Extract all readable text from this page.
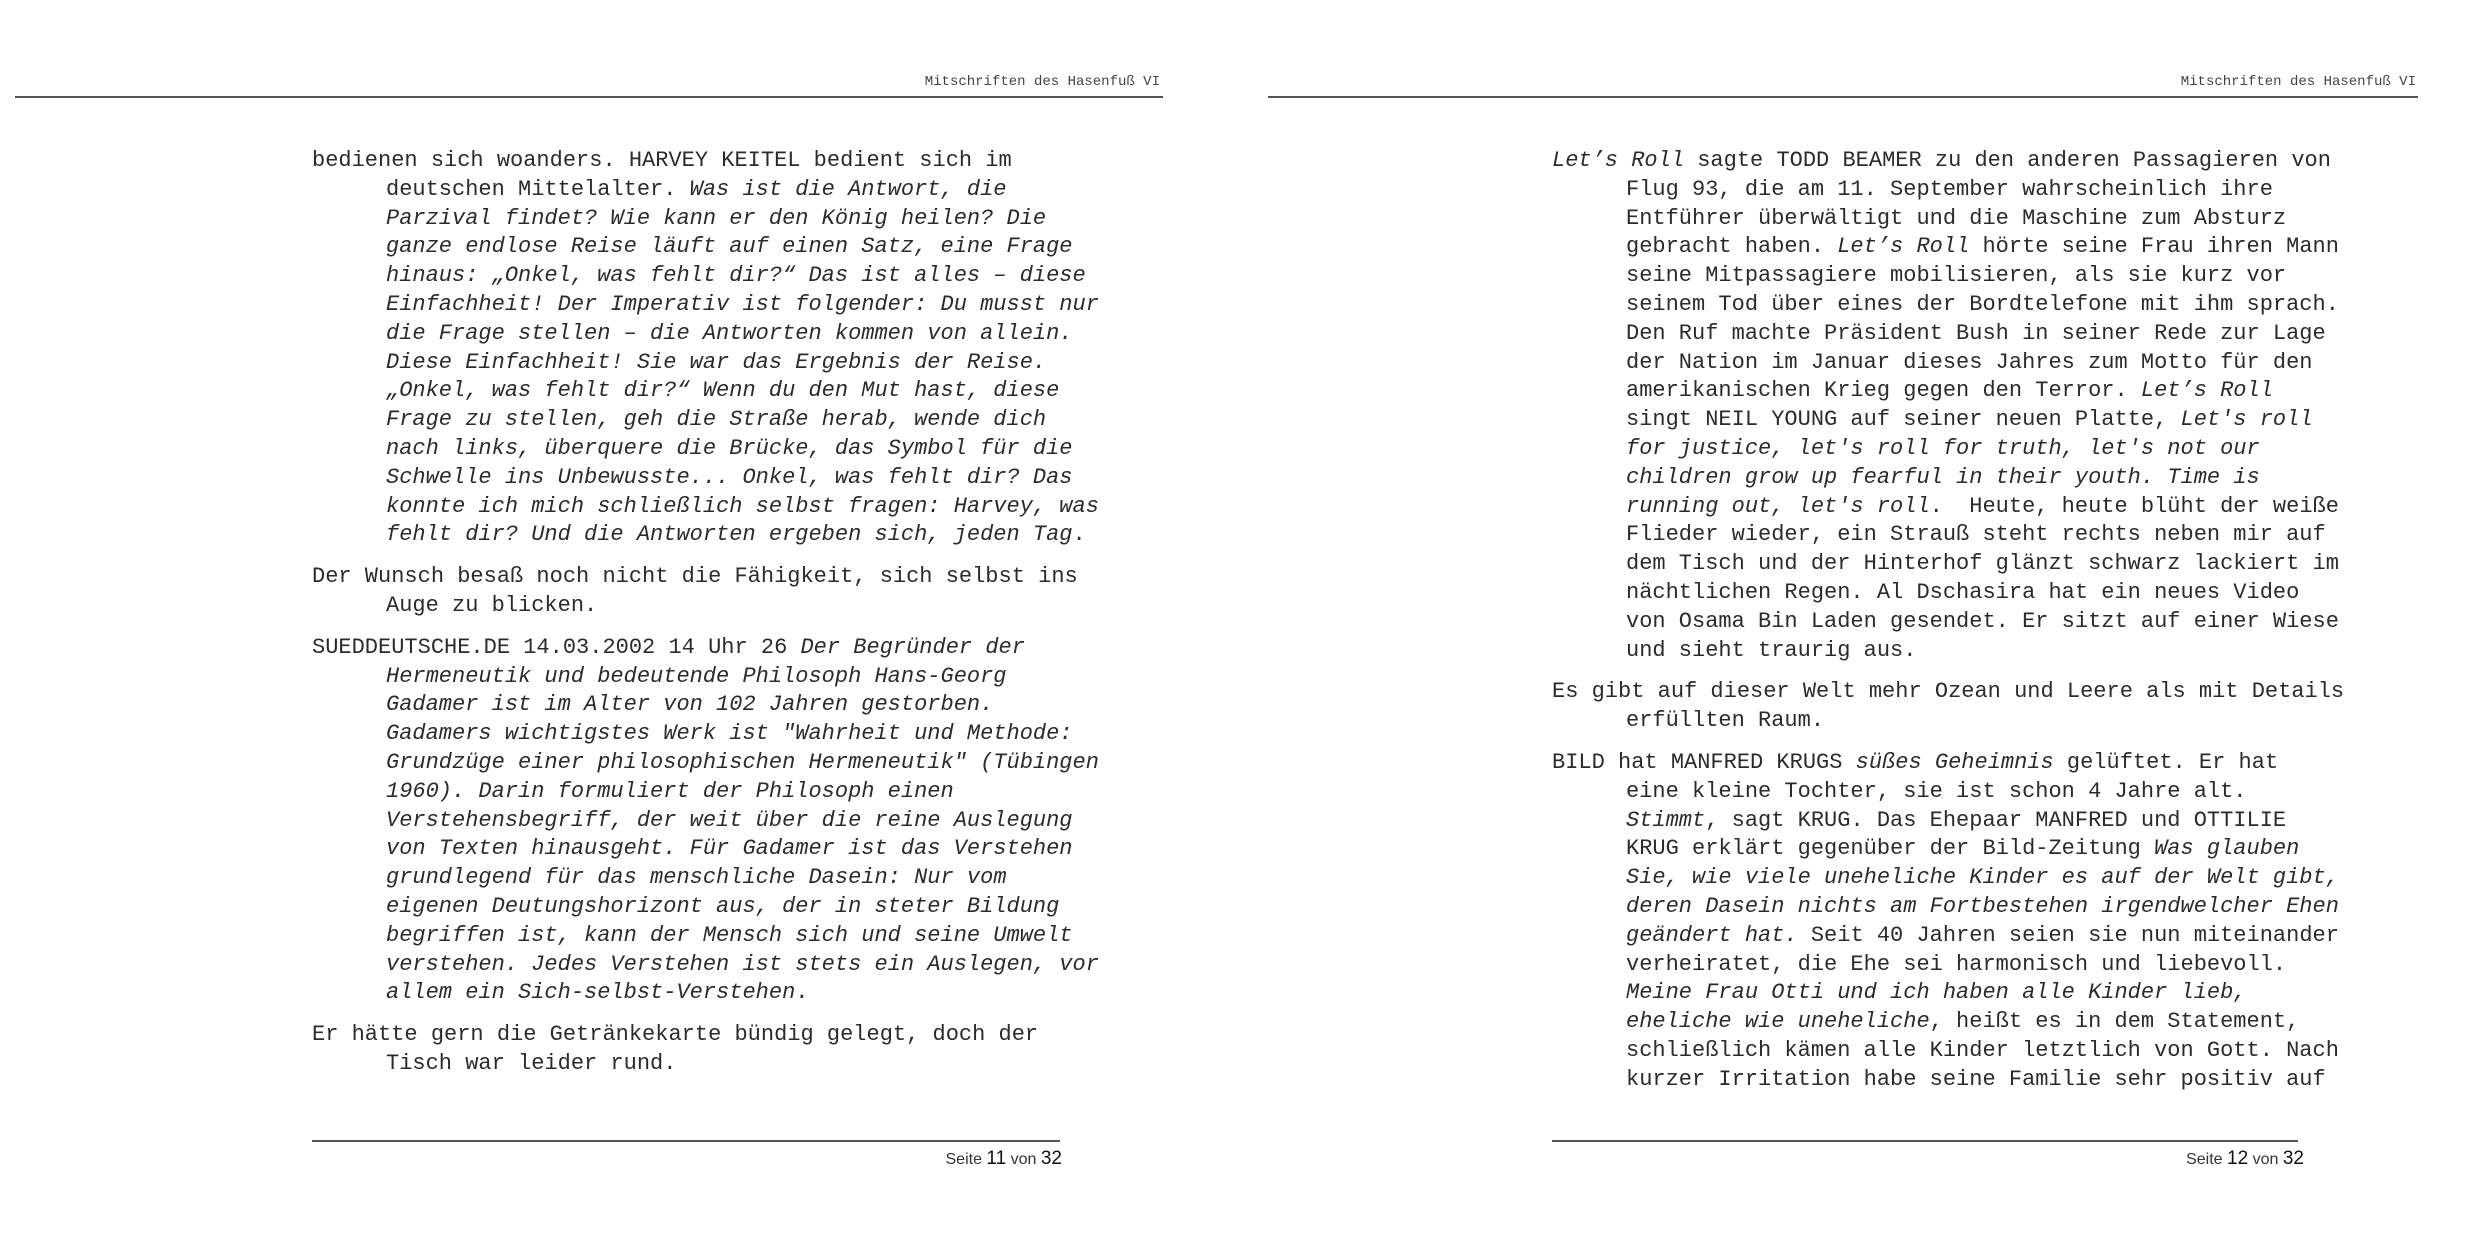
Mitschriften des Hasenfuß VI
bedienen sich woanders. HARVEY KEITEL bedient sich im
deutschen Mittelalter. Was ist die Antwort, die
Parzival findet? Wie kann er den König heilen? Die
ganze endlose Reise läuft auf einen Satz, eine Frage
hinaus: „Onkel, was fehlt dir?“ Das ist alles – diese
Einfachheit! Der Imperativ ist folgender: Du musst nur
die Frage stellen – die Antworten kommen von allein.
Diese Einfachheit! Sie war das Ergebnis der Reise.
„Onkel, was fehlt dir?“ Wenn du den Mut hast, diese
Frage zu stellen, geh die Straße herab, wende dich
nach links, überquere die Brücke, das Symbol für die
Schwelle ins Unbewusste... Onkel, was fehlt dir? Das
konnte ich mich schließlich selbst fragen: Harvey, was
fehlt dir? Und die Antworten ergeben sich, jeden Tag.
Der Wunsch besaß noch nicht die Fähigkeit, sich selbst ins
Auge zu blicken.
SUEDDEUTSCHE.DE 14.03.2002 14 Uhr 26 Der Begründer der
Hermeneutik und bedeutende Philosoph Hans-Georg
Gadamer ist im Alter von 102 Jahren gestorben.
Gadamers wichtigstes Werk ist "Wahrheit und Methode:
Grundzüge einer philosophischen Hermeneutik" (Tübingen
1960). Darin formuliert der Philosoph einen
Verstehensbegriff, der weit über die reine Auslegung
von Texten hinausgeht. Für Gadamer ist das Verstehen
grundlegend für das menschliche Dasein: Nur vom
eigenen Deutungshorizont aus, der in steter Bildung
begriffen ist, kann der Mensch sich und seine Umwelt
verstehen. Jedes Verstehen ist stets ein Auslegen, vor
allem ein Sich-selbst-Verstehen.
Er hätte gern die Getränkekarte bündig gelegt, doch der
Tisch war leider rund.
Seite 11 von 32
Mitschriften des Hasenfuß VI
Let’s Roll sagte TODD BEAMER zu den anderen Passagieren von
Flug 93, die am 11. September wahrscheinlich ihre
Entführer überwältigt und die Maschine zum Absturz
gebracht haben. Let’s Roll hörte seine Frau ihren Mann
seine Mitpassagiere mobilisieren, als sie kurz vor
seinem Tod über eines der Bordtelefone mit ihm sprach.
Den Ruf machte Präsident Bush in seiner Rede zur Lage
der Nation im Januar dieses Jahres zum Motto für den
amerikanischen Krieg gegen den Terror. Let’s Roll
singt NEIL YOUNG auf seiner neuen Platte, Let's roll
for justice, let's roll for truth, let's not our
children grow up fearful in their youth. Time is
running out, let's roll.  Heute, heute blüht der weiße
Flieder wieder, ein Strauß steht rechts neben mir auf
dem Tisch und der Hinterhof glänzt schwarz lackiert im
nächtlichen Regen. Al Dschasira hat ein neues Video
von Osama Bin Laden gesendet. Er sitzt auf einer Wiese
und sieht traurig aus.
Es gibt auf dieser Welt mehr Ozean und Leere als mit Details
erfüllten Raum.
BILD hat MANFRED KRUGS süßes Geheimnis gelüftet. Er hat
eine kleine Tochter, sie ist schon 4 Jahre alt.
Stimmt, sagt KRUG. Das Ehepaar MANFRED und OTTILIE
KRUG erklärt gegenüber der Bild-Zeitung Was glauben
Sie, wie viele uneheliche Kinder es auf der Welt gibt,
deren Dasein nichts am Fortbestehen irgendwelcher Ehen
geändert hat. Seit 40 Jahren seien sie nun miteinander
verheiratet, die Ehe sei harmonisch und liebevoll.
Meine Frau Otti und ich haben alle Kinder lieb,
eheliche wie uneheliche, heißt es in dem Statement,
schließlich kämen alle Kinder letztlich von Gott. Nach
kurzer Irritation habe seine Familie sehr positiv auf
Seite 12 von 32
